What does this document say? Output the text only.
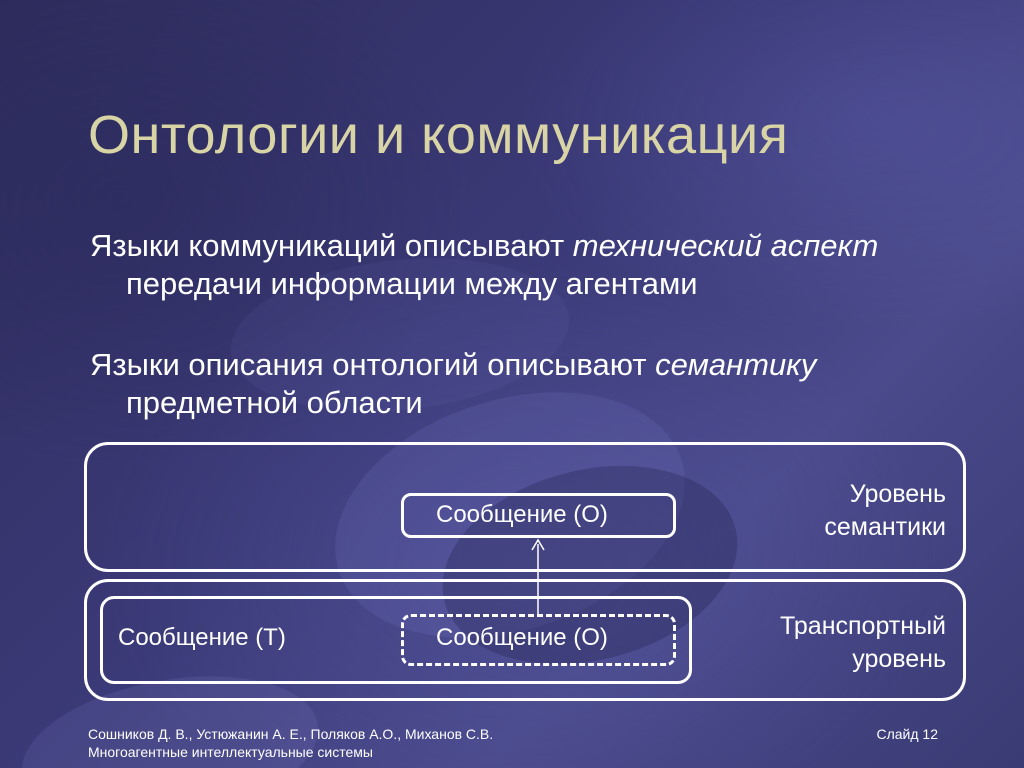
Онтологии и коммуникация

Языки коммуникаций описывают технический аспект передачи информации между агентами

Языки описания онтологий описывают семантику предметной области

Сообщение (О)
Сообщение (Т)	Сообщение (О)
Уровень
семантики
Транспортный
уровень
Сошников Д. В., Устюжанин А. Е., Поляков А.О., Миханов С.В.
Многоагентные интеллектуальные системы
Слайд 12
